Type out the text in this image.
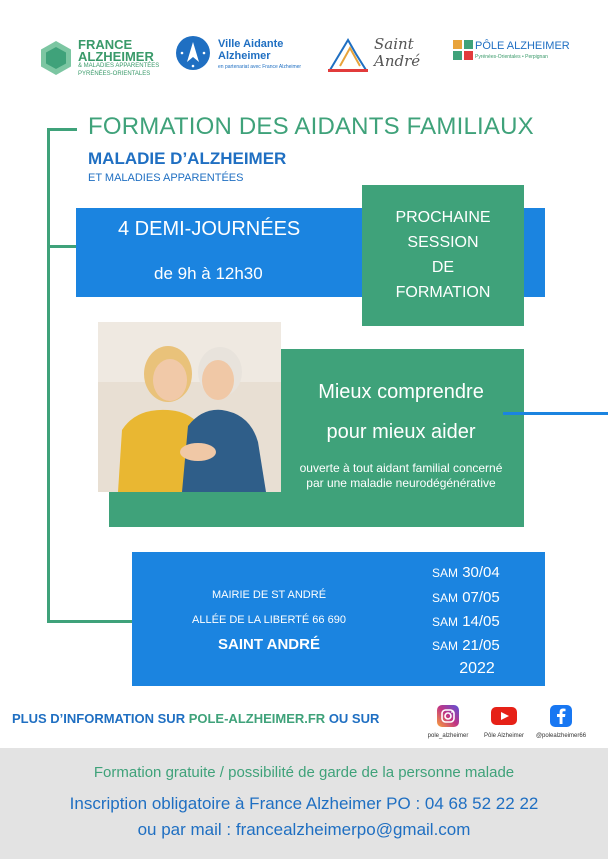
FRANCE
ALZHEIMER
& MALADIES APPARENTÉES
PYRÉNÉES-ORIENTALES
Ville Aidante
Alzheimer
en partenariat avec France Alzheimer
Saint
André
PÔLE ALZHEIMER
Pyrénées-Orientales • Perpignan
FORMATION DES AIDANTS FAMILIAUX
MALADIE D’ALZHEIMER
ET MALADIES APPARENTÉES
4 DEMI-JOURNÉES
de 9h à 12h30
PROCHAINE
SESSION
DE
FORMATION
Mieux comprendre
pour mieux aider
ouverte à tout aidant familial concerné par une maladie neurodégénérative
MAIRIE DE ST ANDRÉ
ALLÉE DE LA LIBERTÉ 66 690
SAINT ANDRÉ
SAM 30/04
SAM 07/05
SAM 14/05
SAM 21/05
2022
PLUS D’INFORMATION SUR POLE-ALZHEIMER.FR OU SUR
pole_alzheimer	Pôle Alzheimer	@polealzheimer66
Formation gratuite / possibilité de garde de la personne malade
Inscription obligatoire à France Alzheimer PO : 04 68 52 22 22
ou par mail : francealzheimerpo@gmail.com
